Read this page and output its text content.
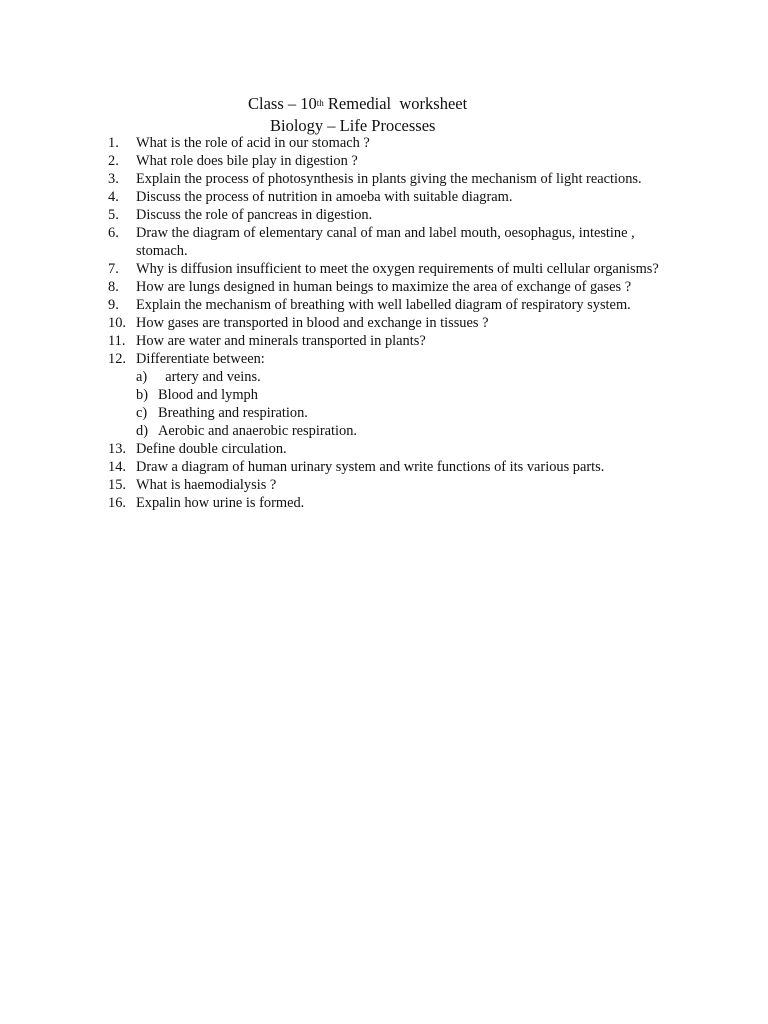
Class – 10th Remedial  worksheet
Biology – Life Processes
1.	What is the role of acid in our stomach ?
2.	What role does bile play in digestion ?
3.	Explain the process of photosynthesis in plants giving the mechanism of light reactions.
4.	Discuss the process of nutrition in amoeba with suitable diagram.
5.	Discuss the role of pancreas in digestion.
6.	Draw the diagram of elementary canal of man and label mouth, oesophagus, intestine , stomach.
7.	Why is diffusion insufficient to meet the oxygen requirements of multi cellular organisms?
8.	How are lungs designed in human beings to maximize the area of exchange of gases ?
9.	Explain the mechanism of breathing with well labelled diagram of respiratory system.
10. How gases are transported in blood and exchange in tissues ?
11. How are water and minerals transported in plants?
12. Differentiate between:
a) artery and veins.
b) Blood and lymph
c) Breathing and respiration.
d) Aerobic and anaerobic respiration.
13. Define double circulation.
14. Draw a diagram of human urinary system and write functions of its various parts.
15. What is haemodialysis ?
16. Expalin how urine is formed.
